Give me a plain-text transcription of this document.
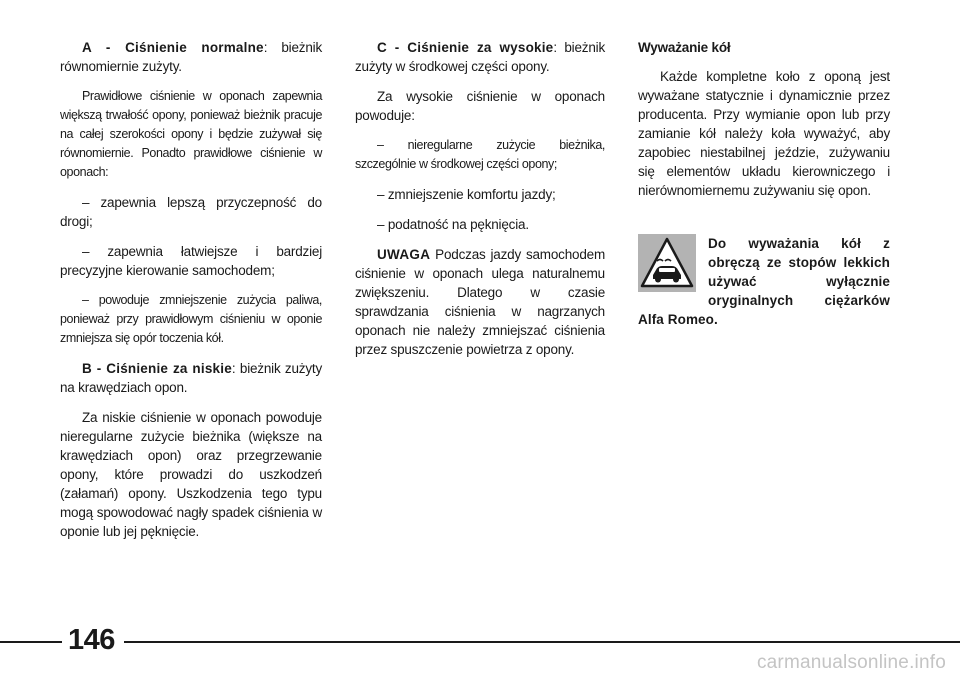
A - Ciśnienie normalne: bieżnik równomiernie zużyty.

Prawidłowe ciśnienie w oponach zapewnia większą trwałość opony, ponieważ bieżnik pracuje na całej szerokości opony i będzie zużywał się równomiernie. Ponadto prawidłowe ciśnienie w oponach:

– zapewnia lepszą przyczepność do drogi;

– zapewnia łatwiejsze i bardziej precyzyjne kierowanie samochodem;

– powoduje zmniejszenie zużycia paliwa, ponieważ przy prawidłowym ciśnieniu w oponie zmniejsza się opór toczenia kół.

B - Ciśnienie za niskie: bieżnik zużyty na krawędziach opon.

Za niskie ciśnienie w oponach powoduje nieregularne zużycie bieżnika (większe na krawędziach opon) oraz przegrzewanie opony, które prowadzi do uszkodzeń (załamań) opony. Uszkodzenia tego typu mogą spowodować nagły spadek ciśnienia w oponie lub jej pęknięcie.

C - Ciśnienie za wysokie: bieżnik zużyty w środkowej części opony.

Za wysokie ciśnienie w oponach powoduje:

– nieregularne zużycie bieżnika, szczególnie w środkowej części opony;

– zmniejszenie komfortu jazdy;

– podatność na pęknięcia.

UWAGA Podczas jazdy samochodem ciśnienie w oponach ulega naturalnemu zwiększeniu. Dlatego w czasie sprawdzania ciśnienia w nagrzanych oponach nie należy zmniejszać ciśnienia przez spuszczenie powietrza z opony.

Wyważanie kół

Każde kompletne koło z oponą jest wyważane statycznie i dynamicznie przez producenta. Przy wymianie opon lub przy zamianie kół należy koła wyważyć, aby zapobiec niestabilnej jeździe, zużywaniu się elementów układu kierowniczego i nierównomiernemu zużywaniu się opon.

Do wyważania kół z obręczą ze stopów lekkich używać wyłącznie oryginalnych ciężarków Alfa Romeo.
146
carmanualsonline.info
